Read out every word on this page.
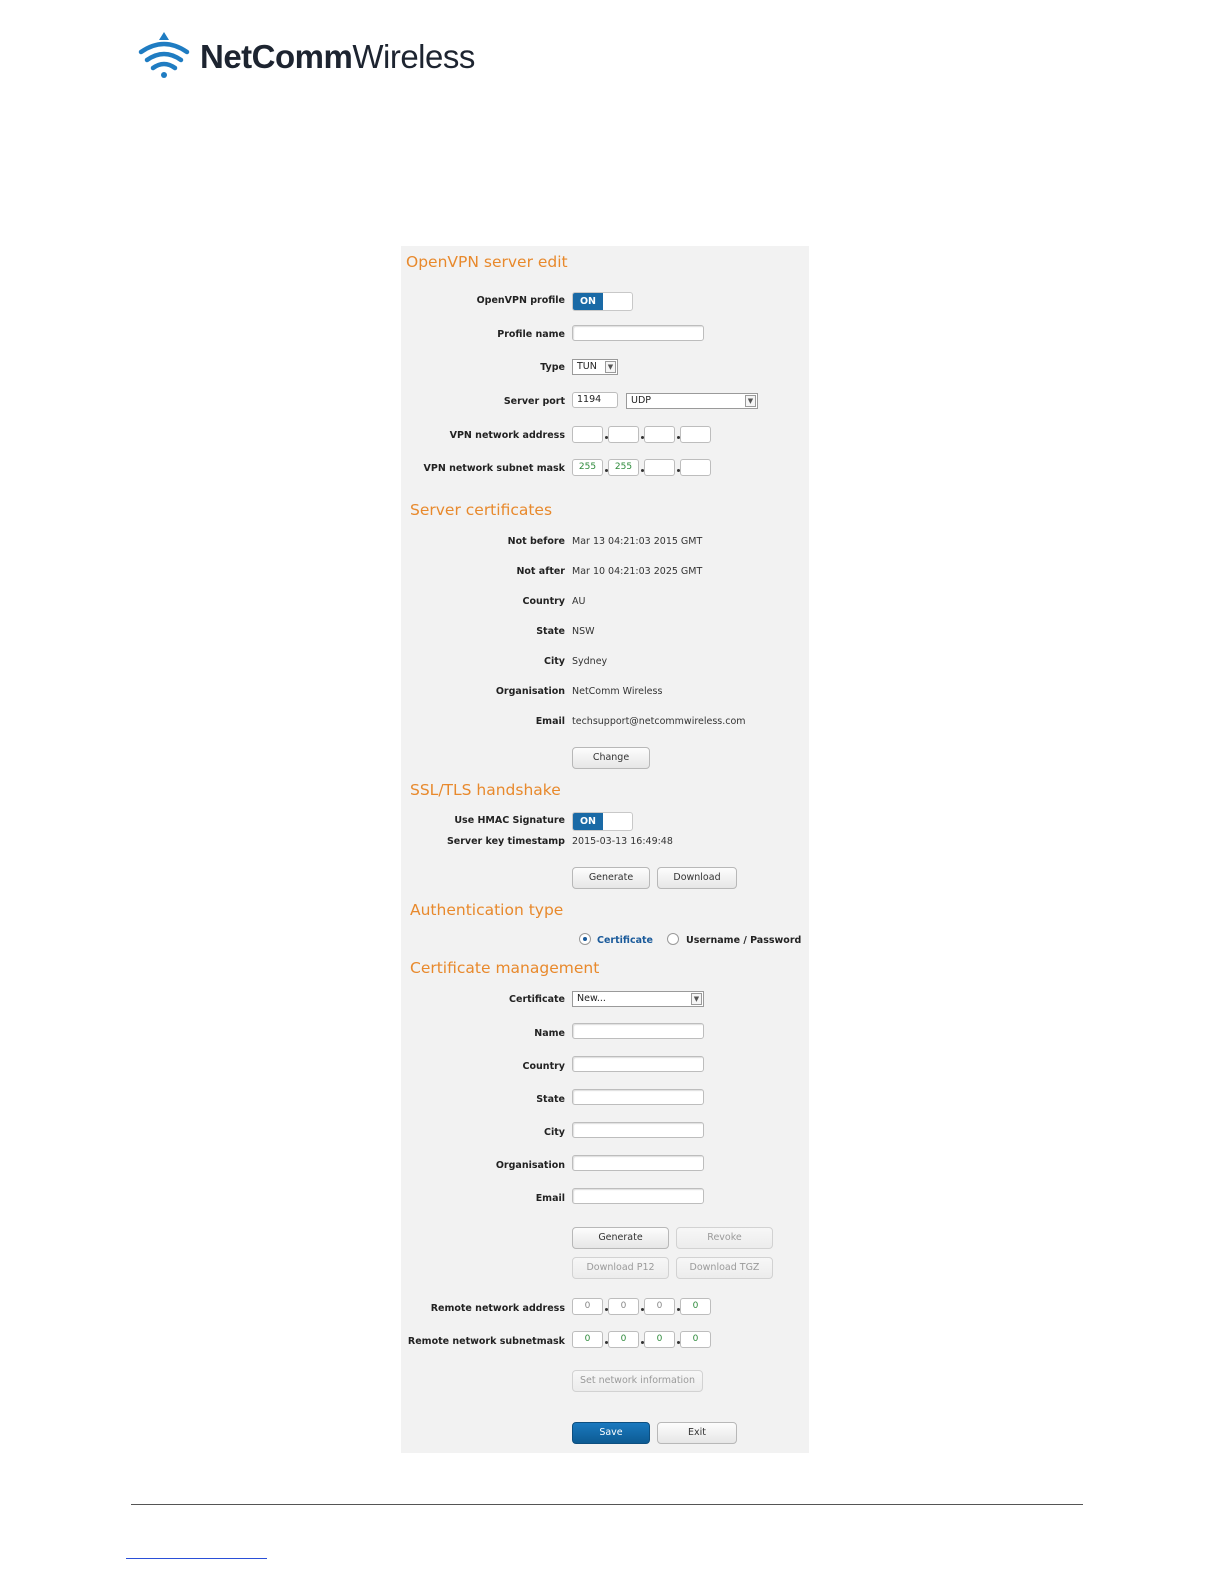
NetCommWireless
OpenVPN server edit
OpenVPN profile	ON
Profile name
Type	TUN	▼
Server port	1194	UDP	▼
VPN network address
VPN network subnet mask	255	255
Server certificates
Not before Mar 13 04:21:03 2015 GMT
Not after Mar 10 04:21:03 2025 GMT
Country AU
State NSW
City Sydney
Organisation NetComm Wireless
Email techsupport@netcommwireless.com
Change
SSL/TLS handshake
Use HMAC Signature	ON
Server key timestamp 2015-03-13 16:49:48
Generate	Download
Authentication type
Certificate	Username / Password
Certificate management
Certificate	New...	▼
Name
Country
State
City
Organisation
Email
Generate	Revoke
Download P12	Download TGZ
Remote network address	0	0	0	0
Remote network subnetmask	0	0	0	0
Set network information
Save	Exit
